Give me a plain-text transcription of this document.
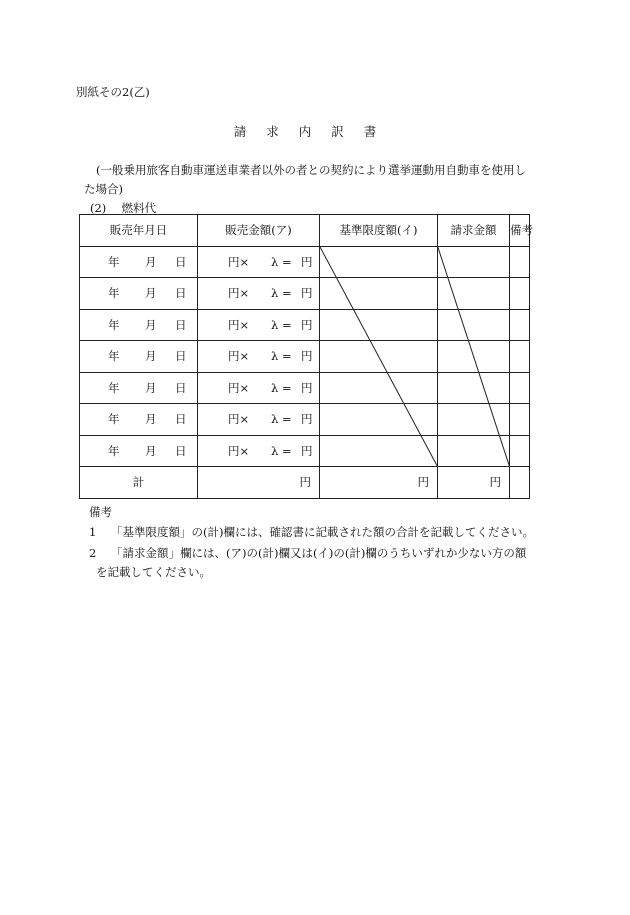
別紙その2(乙)
請求内訳書
(一般乗用旅客自動車運送車業者以外の者との契約により選挙運動用自動車を使用し
た場合)
(2) 燃料代
販売年月日	販売金額(ア)	基準限度額(イ)	請求金額	備考
年 月 日	円× λ = 円			
年 月 日	円× λ = 円			
年 月 日	円× λ = 円			
年 月 日	円× λ = 円			
年 月 日	円× λ = 円			
年 月 日	円× λ = 円			
年 月 日	円× λ = 円			
計	円	円	円	
備考
1 「基準限度額」の(計)欄には、確認書に記載された額の合計を記載してください。
2 「請求金額」欄には、(ア)の(計)欄又は(イ)の(計)欄のうちいずれか少ない方の額
を記載してください。
